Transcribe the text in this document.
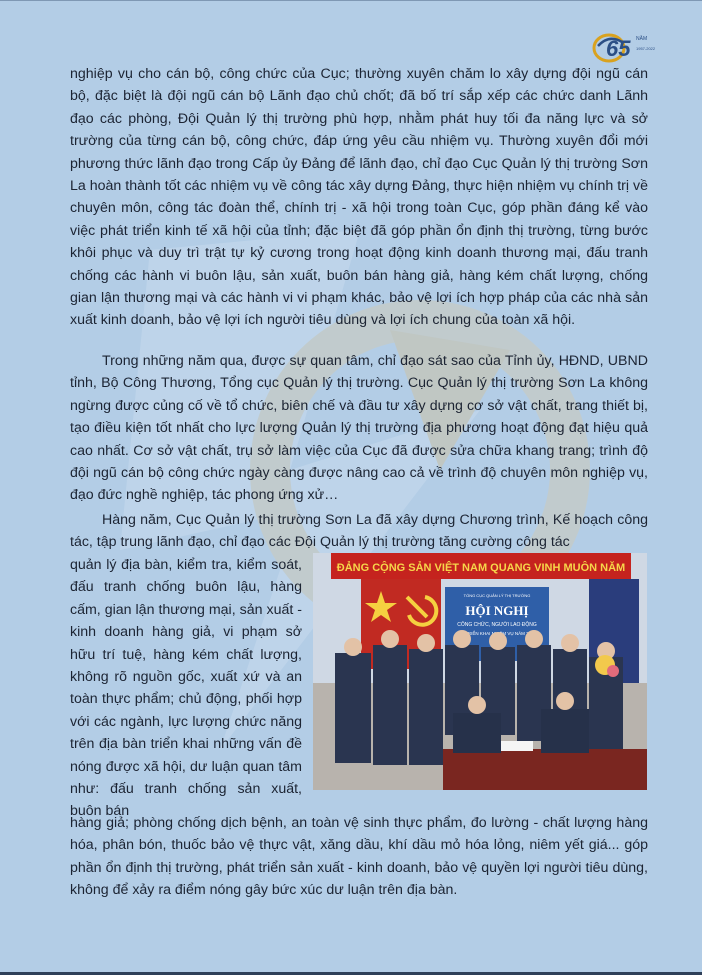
65 NĂM
1957-2022
nghiệp vụ cho cán bộ, công chức của Cục; thường xuyên chăm lo xây dựng đội ngũ cán bộ, đặc biệt là đội ngũ cán bộ Lãnh đạo chủ chốt; đã bố trí sắp xếp các chức danh Lãnh đạo các phòng, Đội Quản lý thị trường phù hợp, nhằm phát huy tối đa năng lực và sở trường của từng cán bộ, công chức, đáp ứng yêu cầu nhiệm vụ. Thường xuyên đổi mới phương thức lãnh đạo trong Cấp ủy Đảng để lãnh đạo, chỉ đạo Cục Quản lý thị trường Sơn La hoàn thành tốt các nhiệm vụ về công tác xây dựng Đảng, thực hiện nhiệm vụ chính trị về chuyên môn, công tác đoàn thể, chính trị - xã hội trong toàn Cục, góp phần đáng kể vào việc phát triển kinh tế xã hội của tỉnh; đặc biệt đã góp phần ổn định thị trường, từng bước khôi phục và duy trì trật tự kỷ cương trong hoạt động kinh doanh thương mại, đấu tranh chống các hành vi buôn lậu, sản xuất, buôn bán hàng giả, hàng kém chất lượng, chống gian lận thương mại và các hành vi vi phạm khác, bảo vệ lợi ích hợp pháp của các nhà sản xuất kinh doanh, bảo vệ lợi ích người tiêu dùng và lợi ích chung của toàn xã hội.
Trong những năm qua, được sự quan tâm, chỉ đạo sát sao của Tỉnh ủy, HĐND, UBND tỉnh, Bộ Công Thương, Tổng cục Quản lý thị trường. Cục Quản lý thị trường Sơn La không ngừng được củng cố về tổ chức, biên chế và đầu tư xây dựng cơ sở vật chất, trang thiết bị, tạo điều kiện tốt nhất cho lực lượng Quản lý thị trường địa phương hoạt động đạt hiệu quả cao nhất. Cơ sở vật chất, trụ sở làm việc của Cục đã được sửa chữa khang trang; trình độ đội ngũ cán bộ công chức ngày càng được nâng cao cả về trình độ chuyên môn nghiệp vụ, đạo đức nghề nghiệp, tác phong ứng xử…
Hàng năm, Cục Quản lý thị trường Sơn La đã xây dựng Chương trình, Kế hoạch công tác, tập trung lãnh đạo, chỉ đạo các Đội Quản lý thị trường tăng cường công tác
quản lý địa bàn, kiểm tra, kiểm soát, đấu tranh chống buôn lậu, hàng cấm, gian lận thương mại, sản xuất - kinh doanh hàng giả, vi phạm sở hữu trí tuệ, hàng kém chất lượng, không rõ nguồn gốc, xuất xứ và an toàn thực phẩm; chủ động, phối hợp với các ngành, lực lượng chức năng trên địa bàn triển khai những vấn đề nóng được xã hội, dư luận quan tâm như: đấu tranh chống sản xuất, buôn bán
ĐẢNG CỘNG SẢN VIỆT NAM QUANG VINH MUÔN NĂM
TỔNG CỤC QUẢN LÝ THỊ TRƯỜNG
HỘI NGHỊ
CÔNG CHỨC, NGƯỜI LAO ĐỘNG
TRIỂN KHAI VỤ NĂM
hàng giả; phòng chống dịch bệnh, an toàn vệ sinh thực phẩm, đo lường - chất lượng hàng hóa, phân bón, thuốc bảo vệ thực vật, xăng dầu, khí dầu mỏ hóa lỏng, niêm yết giá... góp phần ổn định thị trường, phát triển sản xuất - kinh doanh, bảo vệ quyền lợi người tiêu dùng, không để xảy ra điểm nóng gây bức xúc dư luận trên địa bàn.
